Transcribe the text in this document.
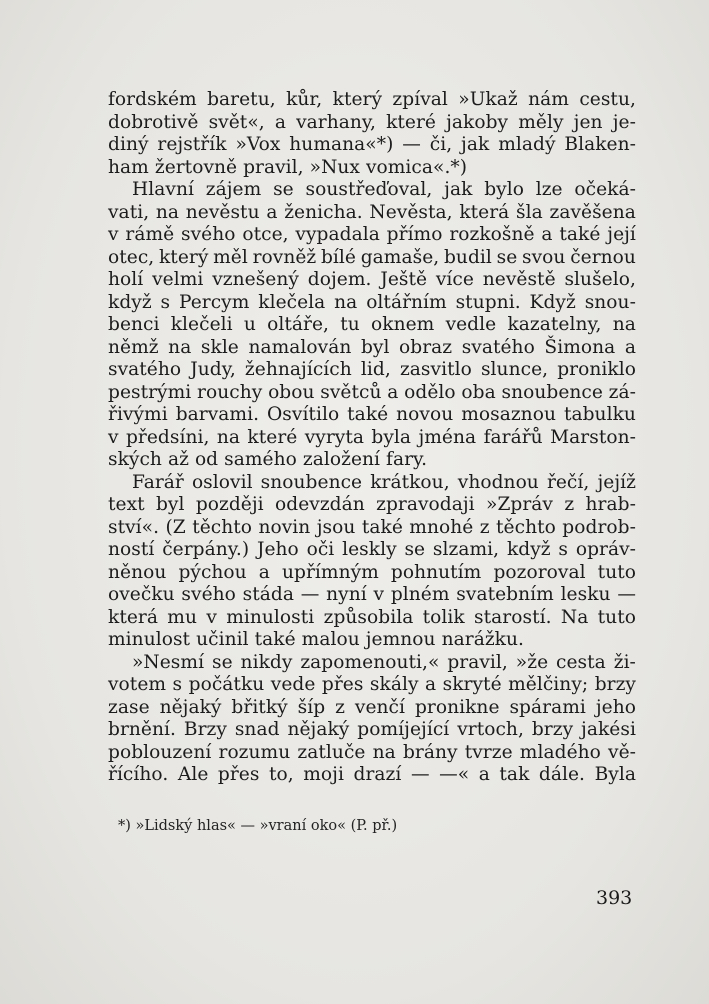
fordském baretu, kůr, který zpíval »Ukaž nám cestu,
dobrotivě svět«, a varhany, které jakoby měly jen je-
diný rejstřík »Vox humana«*) — či, jak mladý Blaken-
ham žertovně pravil, »Nux vomica«.*)
Hlavní zájem se soustřeďoval, jak bylo lze očeká-
vati, na nevěstu a ženicha. Nevěsta, která šla zavěšena
v rámě svého otce, vypadala přímo rozkošně a také její
otec, který měl rovněž bílé gamaše, budil se svou černou
holí velmi vznešený dojem. Ještě více nevěstě slušelo,
když s Percym klečela na oltářním stupni. Když snou-
benci klečeli u oltáře, tu oknem vedle kazatelny, na
němž na skle namalován byl obraz svatého Šimona a
svatého Judy, žehnajících lid, zasvitlo slunce, proniklo
pestrými rouchy obou světců a odělo oba snoubence zá-
řivými barvami. Osvítilo také novou mosaznou tabulku
v předsíni, na které vyryta byla jména farářů Marston-
ských až od samého založení fary.
Farář oslovil snoubence krátkou, vhodnou řečí, jejíž
text byl později odevzdán zpravodaji »Zpráv z hrab-
ství«. (Z těchto novin jsou také mnohé z těchto podrob-
ností čerpány.) Jeho oči leskly se slzami, když s opráv-
něnou pýchou a upřímným pohnutím pozoroval tuto
ovečku svého stáda — nyní v plném svatebním lesku —
která mu v minulosti způsobila tolik starostí. Na tuto
minulost učinil také malou jemnou narážku.
»Nesmí se nikdy zapomenouti,« pravil, »že cesta ži-
votem s počátku vede přes skály a skryté mělčiny; brzy
zase nějaký břitký šíp z venčí pronikne spárami jeho
brnění. Brzy snad nějaký pomíjející vrtoch, brzy jakési
poblouzení rozumu zatluče na brány tvrze mladého vě-
řícího. Ale přes to, moji drazí — —« a tak dále. Byla
*) »Lidský hlas« — »vraní oko« (P. př.)
393
